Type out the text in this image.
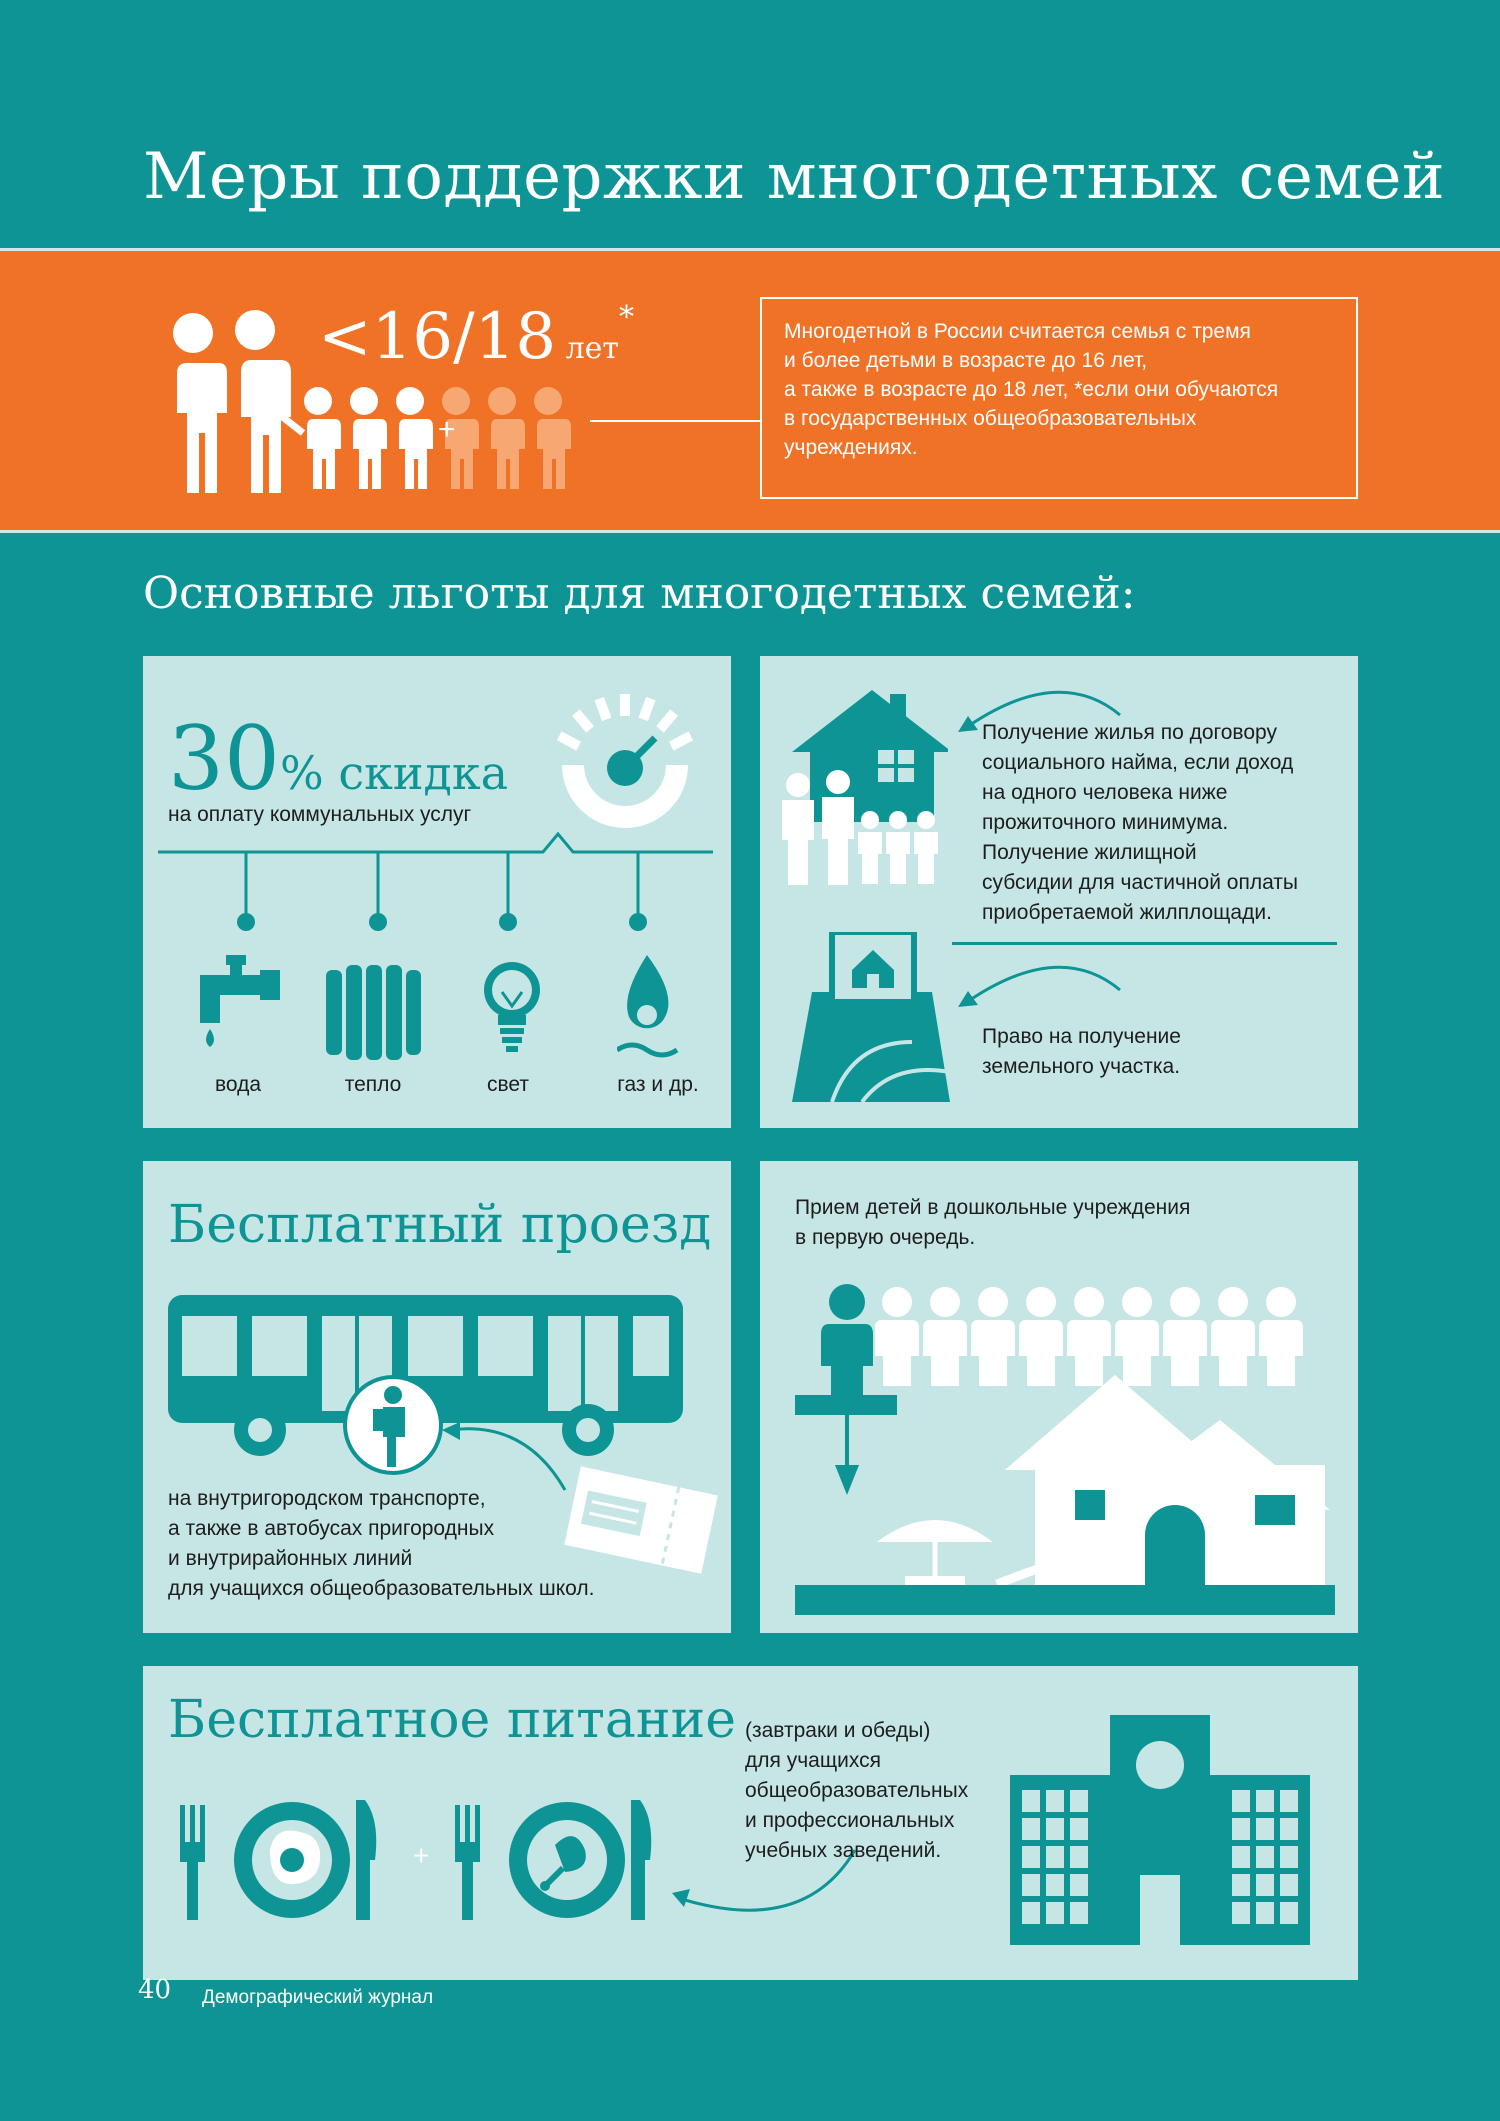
Меры поддержки многодетных семей
+
<16/18 лет*	Многодетной в России считается семья с тремя
и более детьми в возрасте до 16 лет,
а также в возрасте до 18 лет, *если они обучаются
в государственных общеобразовательных
учреждениях.
Основные льготы для многодетных семей:
30% скидка
на оплату коммунальных услуг
вода	тепло	свет	газ и др.
Получение жилья по договору
социального найма, если доход
на одного человека ниже
прожиточного минимума.
Получение жилищной
субсидии для частичной оплаты
приобретаемой жилплощади.
Право на получение
земельного участка.
Бесплатный проезд
на внутригородском транспорте,
а также в автобусах пригородных
и внутрирайонных линий
для учащихся общеобразовательных школ.
Прием детей в дошкольные учреждения
в первую очередь.
Бесплатное питание
+
(завтраки и обеды)
для учащихся
общеобразовательных
и профессиональных
учебных заведений.
40 Демографический журнал
